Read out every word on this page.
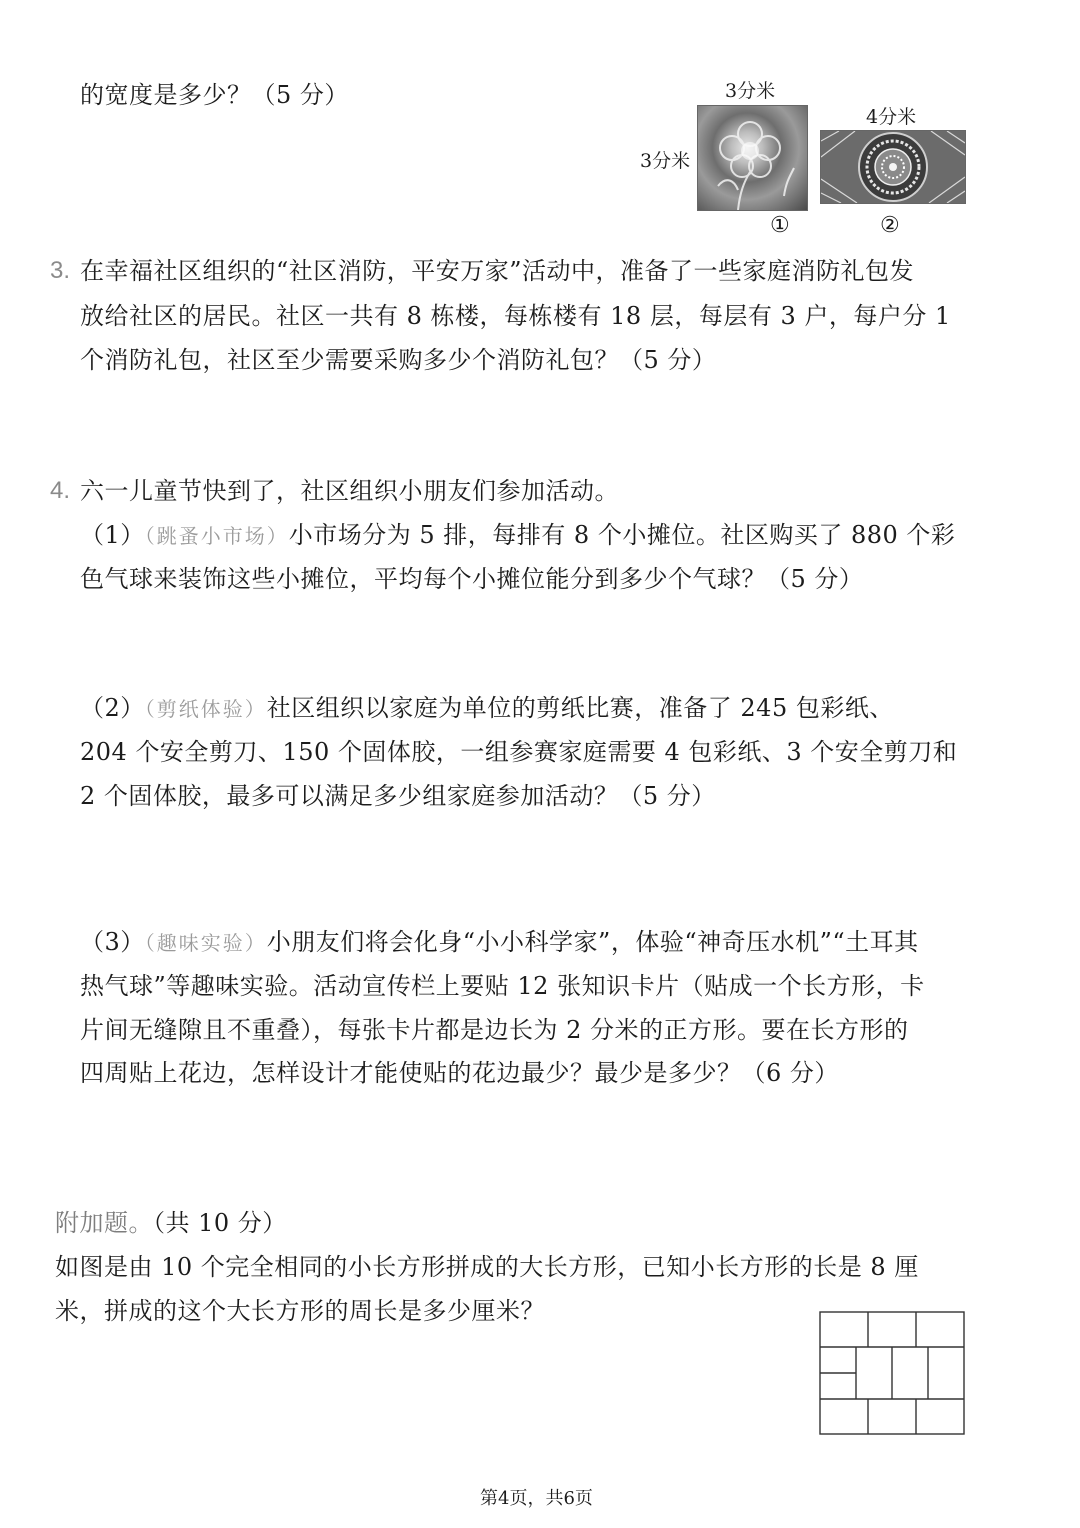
的宽度是多少？（5 分）	3分米
3分米
①
4分米
②
3. 在幸福社区组织的“社区消防，平安万家”活动中，准备了一些家庭消防礼包发
放给社区的居民。社区一共有 8 栋楼，每栋楼有 18 层，每层有 3 户，每户分 1
个消防礼包，社区至少需要采购多少个消防礼包？（5 分）
4. 六一儿童节快到了，社区组织小朋友们参加活动。
（1）（跳蚤小市场）小市场分为 5 排，每排有 8 个小摊位。社区购买了 880 个彩
色气球来装饰这些小摊位，平均每个小摊位能分到多少个气球？（5 分）
（2）（剪纸体验）社区组织以家庭为单位的剪纸比赛，准备了 245 包彩纸、
204 个安全剪刀、150 个固体胶，一组参赛家庭需要 4 包彩纸、3 个安全剪刀和
2 个固体胶，最多可以满足多少组家庭参加活动？（5 分）
（3）（趣味实验）小朋友们将会化身“小小科学家”，体验“神奇压水机”“土耳其
热气球”等趣味实验。活动宣传栏上要贴 12 张知识卡片（贴成一个长方形，卡
片间无缝隙且不重叠），每张卡片都是边长为 2 分米的正方形。要在长方形的
四周贴上花边，怎样设计才能使贴的花边最少？最少是多少？（6 分）
附加题。（共 10 分）
如图是由 10 个完全相同的小长方形拼成的大长方形，已知小长方形的长是 8 厘
米，拼成的这个大长方形的周长是多少厘米？
第4页，共6页
